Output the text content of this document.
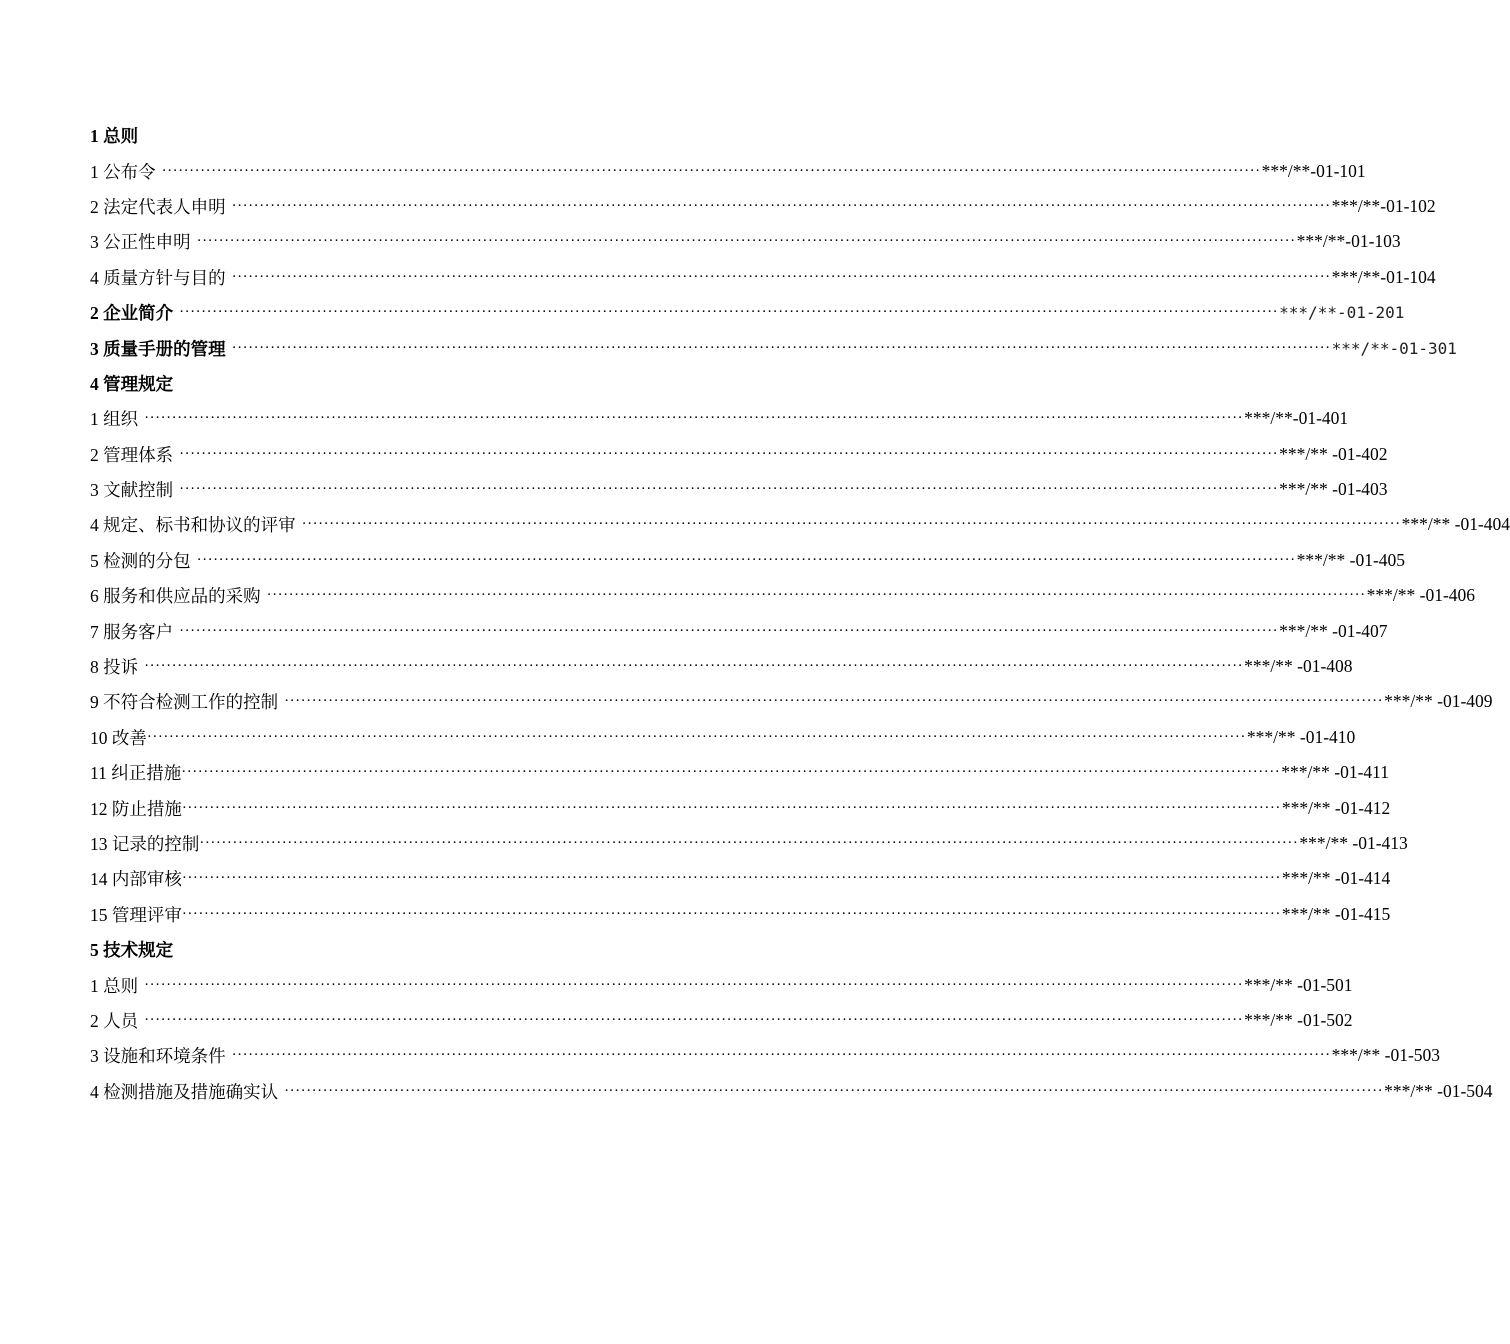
1 总则
1 公布令 ········································································································································································································ ***/**-01-101
2 法定代表人申明 ········································································································································································································ ***/**-01-102
3 公正性申明 ········································································································································································································ ***/**-01-103
4 质量方针与目的 ········································································································································································································ ***/**-01-104
2 企业简介 ········································································································································································································ ***/**-01-201
3 质量手册的管理 ········································································································································································································ ***/**-01-301
4 管理规定
1 组织 ········································································································································································································ ***/**-01-401
2 管理体系 ········································································································································································································ ***/** -01-402
3 文献控制 ········································································································································································································ ***/** -01-403
4 规定、标书和协议的评审 ········································································································································································································ ***/** -01-404
5 检测的分包 ········································································································································································································ ***/** -01-405
6 服务和供应品的采购 ········································································································································································································ ***/** -01-406
7 服务客户 ········································································································································································································ ***/** -01-407
8 投诉 ········································································································································································································ ***/** -01-408
9 不符合检测工作的控制 ········································································································································································································ ***/** -01-409
10 改善 ········································································································································································································ ***/** -01-410
11 纠正措施 ········································································································································································································ ***/** -01-411
12 防止措施 ········································································································································································································ ***/** -01-412
13 记录的控制 ········································································································································································································ ***/** -01-413
14 内部审核 ········································································································································································································ ***/** -01-414
15 管理评审 ········································································································································································································ ***/** -01-415
5 技术规定
1 总则 ········································································································································································································ ***/** -01-501
2 人员 ········································································································································································································ ***/** -01-502
3 设施和环境条件 ········································································································································································································ ***/** -01-503
4 检测措施及措施确实认 ········································································································································································································ ***/** -01-504
